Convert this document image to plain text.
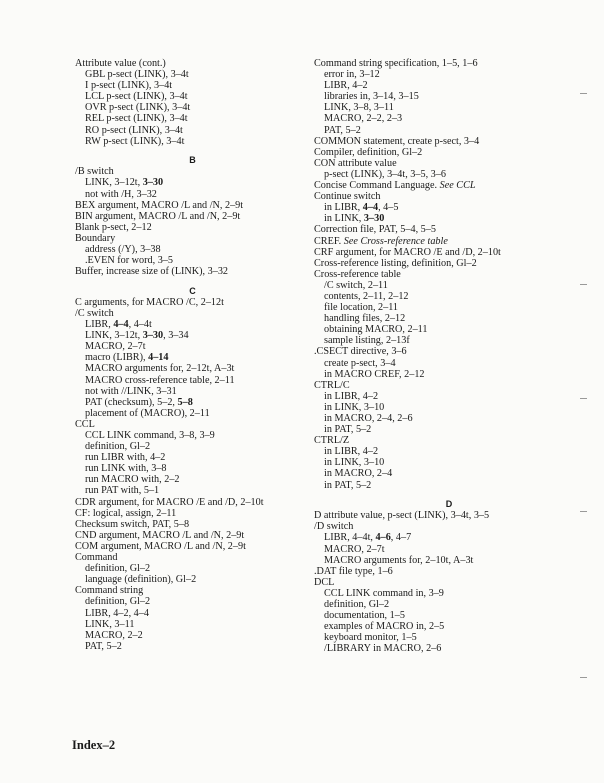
Attribute value (cont.)
GBL p-sect (LINK), 3–4t
I p-sect (LINK), 3–4t
LCL p-sect (LINK), 3–4t
OVR p-sect (LINK), 3–4t
REL p-sect (LINK), 3–4t
RO p-sect (LINK), 3–4t
RW p-sect (LINK), 3–4t
B
/B switch
LINK, 3–12t, 3–30
not with /H, 3–32
BEX argument, MACRO /L and /N, 2–9t
BIN argument, MACRO /L and /N, 2–9t
Blank p-sect, 2–12
Boundary
address (/Y), 3–38
.EVEN for word, 3–5
Buffer, increase size of (LINK), 3–32
C
C arguments, for MACRO /C, 2–12t
/C switch
LIBR, 4–4, 4–4t
LINK, 3–12t, 3–30, 3–34
MACRO, 2–7t
macro (LIBR), 4–14
MACRO arguments for, 2–12t, A–3t
MACRO cross-reference table, 2–11
not with //LINK, 3–31
PAT (checksum), 5–2, 5–8
placement of (MACRO), 2–11
CCL
CCL LINK command, 3–8, 3–9
definition, Gl–2
run LIBR with, 4–2
run LINK with, 3–8
run MACRO with, 2–2
run PAT with, 5–1
CDR argument, for MACRO /E and /D, 2–10t
CF: logical, assign, 2–11
Checksum switch, PAT, 5–8
CND argument, MACRO /L and /N, 2–9t
COM argument, MACRO /L and /N, 2–9t
Command
definition, Gl–2
language (definition), Gl–2
Command string
definition, Gl–2
LIBR, 4–2, 4–4
LINK, 3–11
MACRO, 2–2
PAT, 5–2
Command string specification, 1–5, 1–6
error in, 3–12
LIBR, 4–2
libraries in, 3–14, 3–15
LINK, 3–8, 3–11
MACRO, 2–2, 2–3
PAT, 5–2
COMMON statement, create p-sect, 3–4
Compiler, definition, Gl–2
CON attribute value
p-sect (LINK), 3–4t, 3–5, 3–6
Concise Command Language. See CCL
Continue switch
in LIBR, 4–4, 4–5
in LINK, 3–30
Correction file, PAT, 5–4, 5–5
CREF. See Cross-reference table
CRF argument, for MACRO /E and /D, 2–10t
Cross-reference listing, definition, Gl–2
Cross-reference table
/C switch, 2–11
contents, 2–11, 2–12
file location, 2–11
handling files, 2–12
obtaining MACRO, 2–11
sample listing, 2–13f
.CSECT directive, 3–6
create p-sect, 3–4
in MACRO CREF, 2–12
CTRL/C
in LIBR, 4–2
in LINK, 3–10
in MACRO, 2–4, 2–6
in PAT, 5–2
CTRL/Z
in LIBR, 4–2
in LINK, 3–10
in MACRO, 2–4
in PAT, 5–2
D
D attribute value, p-sect (LINK), 3–4t, 3–5
/D switch
LIBR, 4–4t, 4–6, 4–7
MACRO, 2–7t
MACRO arguments for, 2–10t, A–3t
.DAT file type, 1–6
DCL
CCL LINK command in, 3–9
definition, Gl–2
documentation, 1–5
examples of MACRO in, 2–5
keyboard monitor, 1–5
/LIBRARY in MACRO, 2–6
Index–2
